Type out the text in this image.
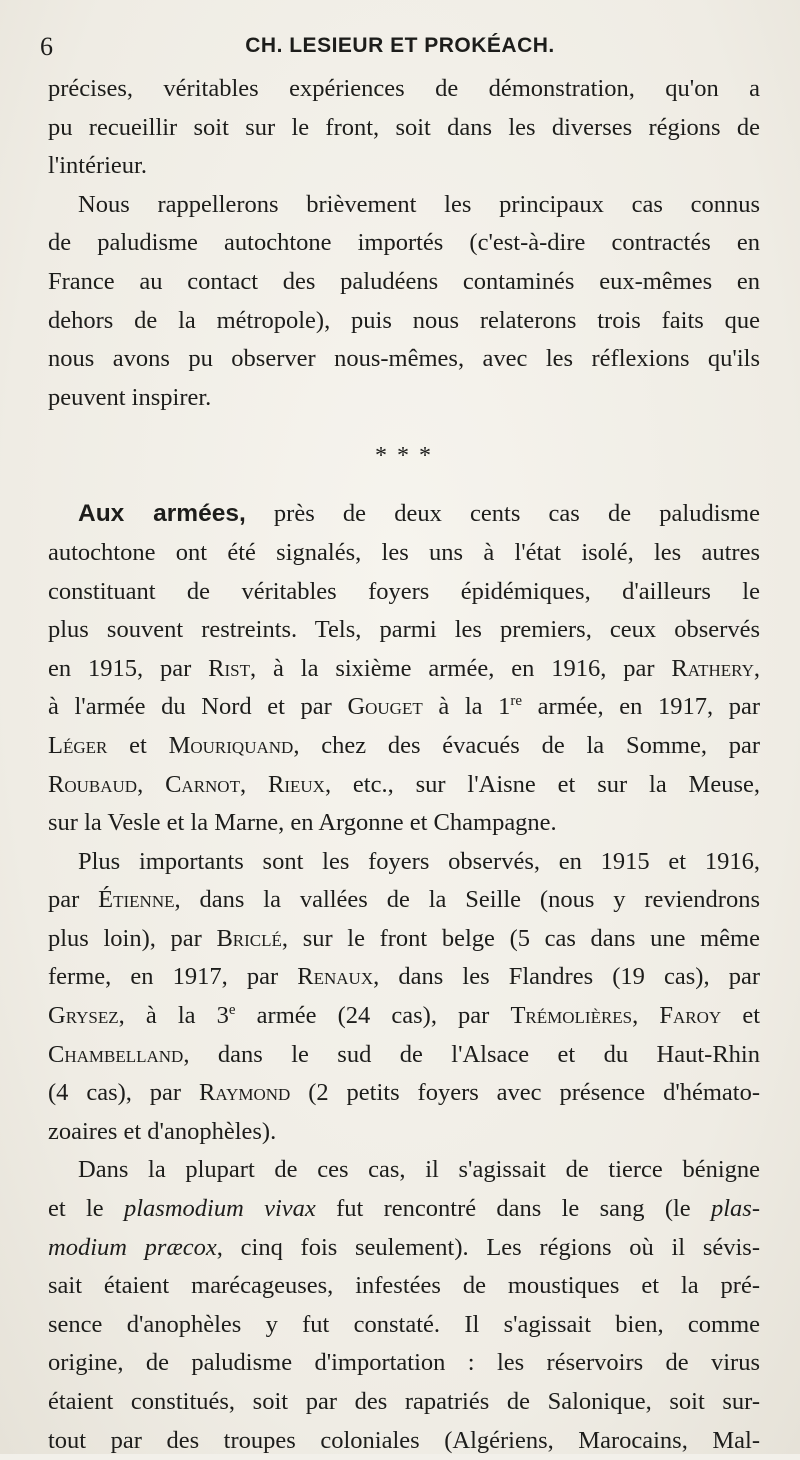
6	CH. LESIEUR ET PROKÉACH.
précises, véritables expériences de démonstration, qu'on a
pu recueillir soit sur le front, soit dans les diverses régions de
l'intérieur.
Nous rappellerons brièvement les principaux cas connus
de paludisme autochtone importés (c'est-à-dire contractés en
France au contact des paludéens contaminés eux-mêmes en
dehors de la métropole), puis nous relaterons trois faits que
nous avons pu observer nous-mêmes, avec les réflexions qu'ils
peuvent inspirer.
* * *
Aux armées, près de deux cents cas de paludisme
autochtone ont été signalés, les uns à l'état isolé, les autres
constituant de véritables foyers épidémiques, d'ailleurs le
plus souvent restreints. Tels, parmi les premiers, ceux observés
en 1915, par Rist, à la sixième armée, en 1916, par Rathery,
à l'armée du Nord et par Gouget à la 1re armée, en 1917, par
Léger et Mouriquand, chez des évacués de la Somme, par
Roubaud, Carnot, Rieux, etc., sur l'Aisne et sur la Meuse,
sur la Vesle et la Marne, en Argonne et Champagne.
Plus importants sont les foyers observés, en 1915 et 1916,
par Étienne, dans la vallées de la Seille (nous y reviendrons
plus loin), par Briclé, sur le front belge (5 cas dans une même
ferme, en 1917, par Renaux, dans les Flandres (19 cas), par
Grysez, à la 3e armée (24 cas), par Trémolières, Faroy et
Chambelland, dans le sud de l'Alsace et du Haut-Rhin
(4 cas), par Raymond (2 petits foyers avec présence d'hémato-
zoaires et d'anophèles).
Dans la plupart de ces cas, il s'agissait de tierce bénigne
et le plasmodium vivax fut rencontré dans le sang (le plas-
modium præcox, cinq fois seulement). Les régions où il sévis-
sait étaient marécageuses, infestées de moustiques et la pré-
sence d'anophèles y fut constaté. Il s'agissait bien, comme
origine, de paludisme d'importation : les réservoirs de virus
étaient constitués, soit par des rapatriés de Salonique, soit sur-
tout par des troupes coloniales (Algériens, Marocains, Mal-
